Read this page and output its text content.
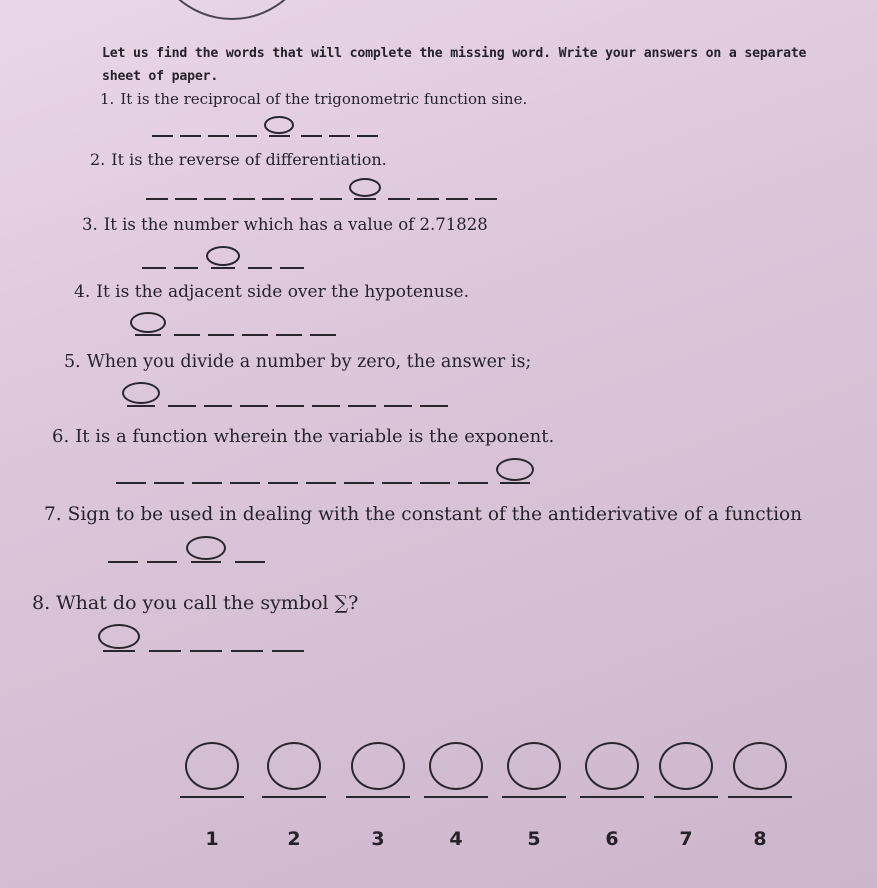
Let us find the words that will complete the missing word. Write your answers on a separate sheet of paper.
1. It is the reciprocal of the trigonometric function sine.
2. It is the reverse of differentiation.
3. It is the number which has a value of 2.71828
4. It is the adjacent side over the hypotenuse.
5. When you divide a number by zero, the answer is;
6. It is a function wherein the variable is the exponent.
7. Sign to be used in dealing with the constant of the antiderivative of a function
8. What do you call the symbol ∑?
1	2	3	4	5	6	7	8
